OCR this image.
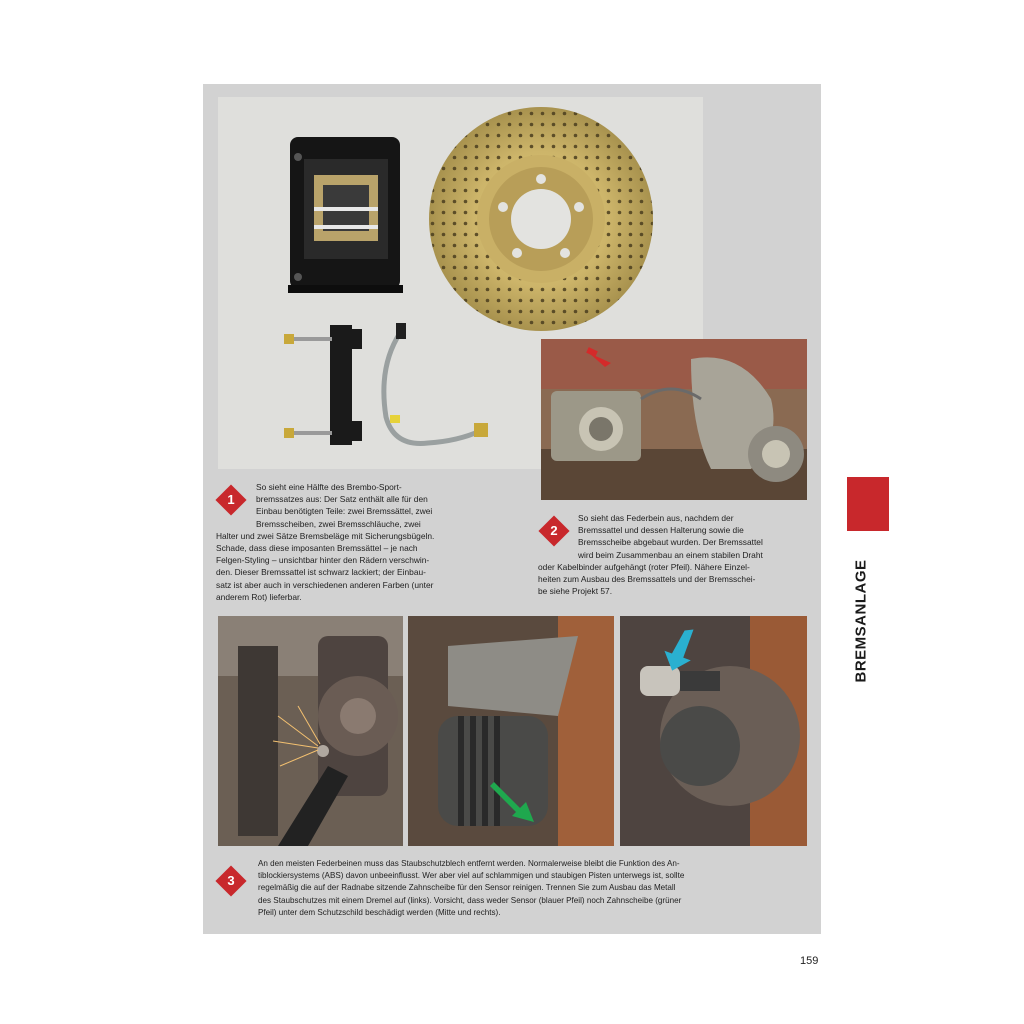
1
So sieht eine Hälfte des Brembo-Sport-
bremssatzes aus: Der Satz enthält alle für den
Einbau benötigten Teile: zwei Bremssättel, zwei
Bremsscheiben, zwei Bremsschläuche, zwei
Halter und zwei Sätze Bremsbeläge mit Sicherungsbügeln.
Schade, dass diese imposanten Bremssättel – je nach
Felgen-Styling – unsichtbar hinter den Rädern verschwin-
den. Dieser Bremssattel ist schwarz lackiert; der Einbau-
satz ist aber auch in verschiedenen anderen Farben (unter
anderem Rot) lieferbar.
2
So sieht das Federbein aus, nachdem der
Bremssattel und dessen Halterung sowie die
Bremsscheibe abgebaut wurden. Der Bremssattel
wird beim Zusammenbau an einem stabilen Draht
oder Kabelbinder aufgehängt (roter Pfeil). Nähere Einzel-
heiten zum Ausbau des Bremssattels und der Bremsschei-
be siehe Projekt 57.
3
An den meisten Federbeinen muss das Staubschutzblech entfernt werden. Normalerweise bleibt die Funktion des An-
tiblockiersystems (ABS) davon unbeeinflusst. Wer aber viel auf schlammigen und staubigen Pisten unterwegs ist, sollte
regelmäßig die auf der Radnabe sitzende Zahnscheibe für den Sensor reinigen. Trennen Sie zum Ausbau das Metall
des Staubschutzes mit einem Dremel auf (links). Vorsicht, dass weder Sensor (blauer Pfeil) noch Zahnscheibe (grüner
Pfeil) unter dem Schutzschild beschädigt werden (Mitte und rechts).
BREMSANLAGE
159
